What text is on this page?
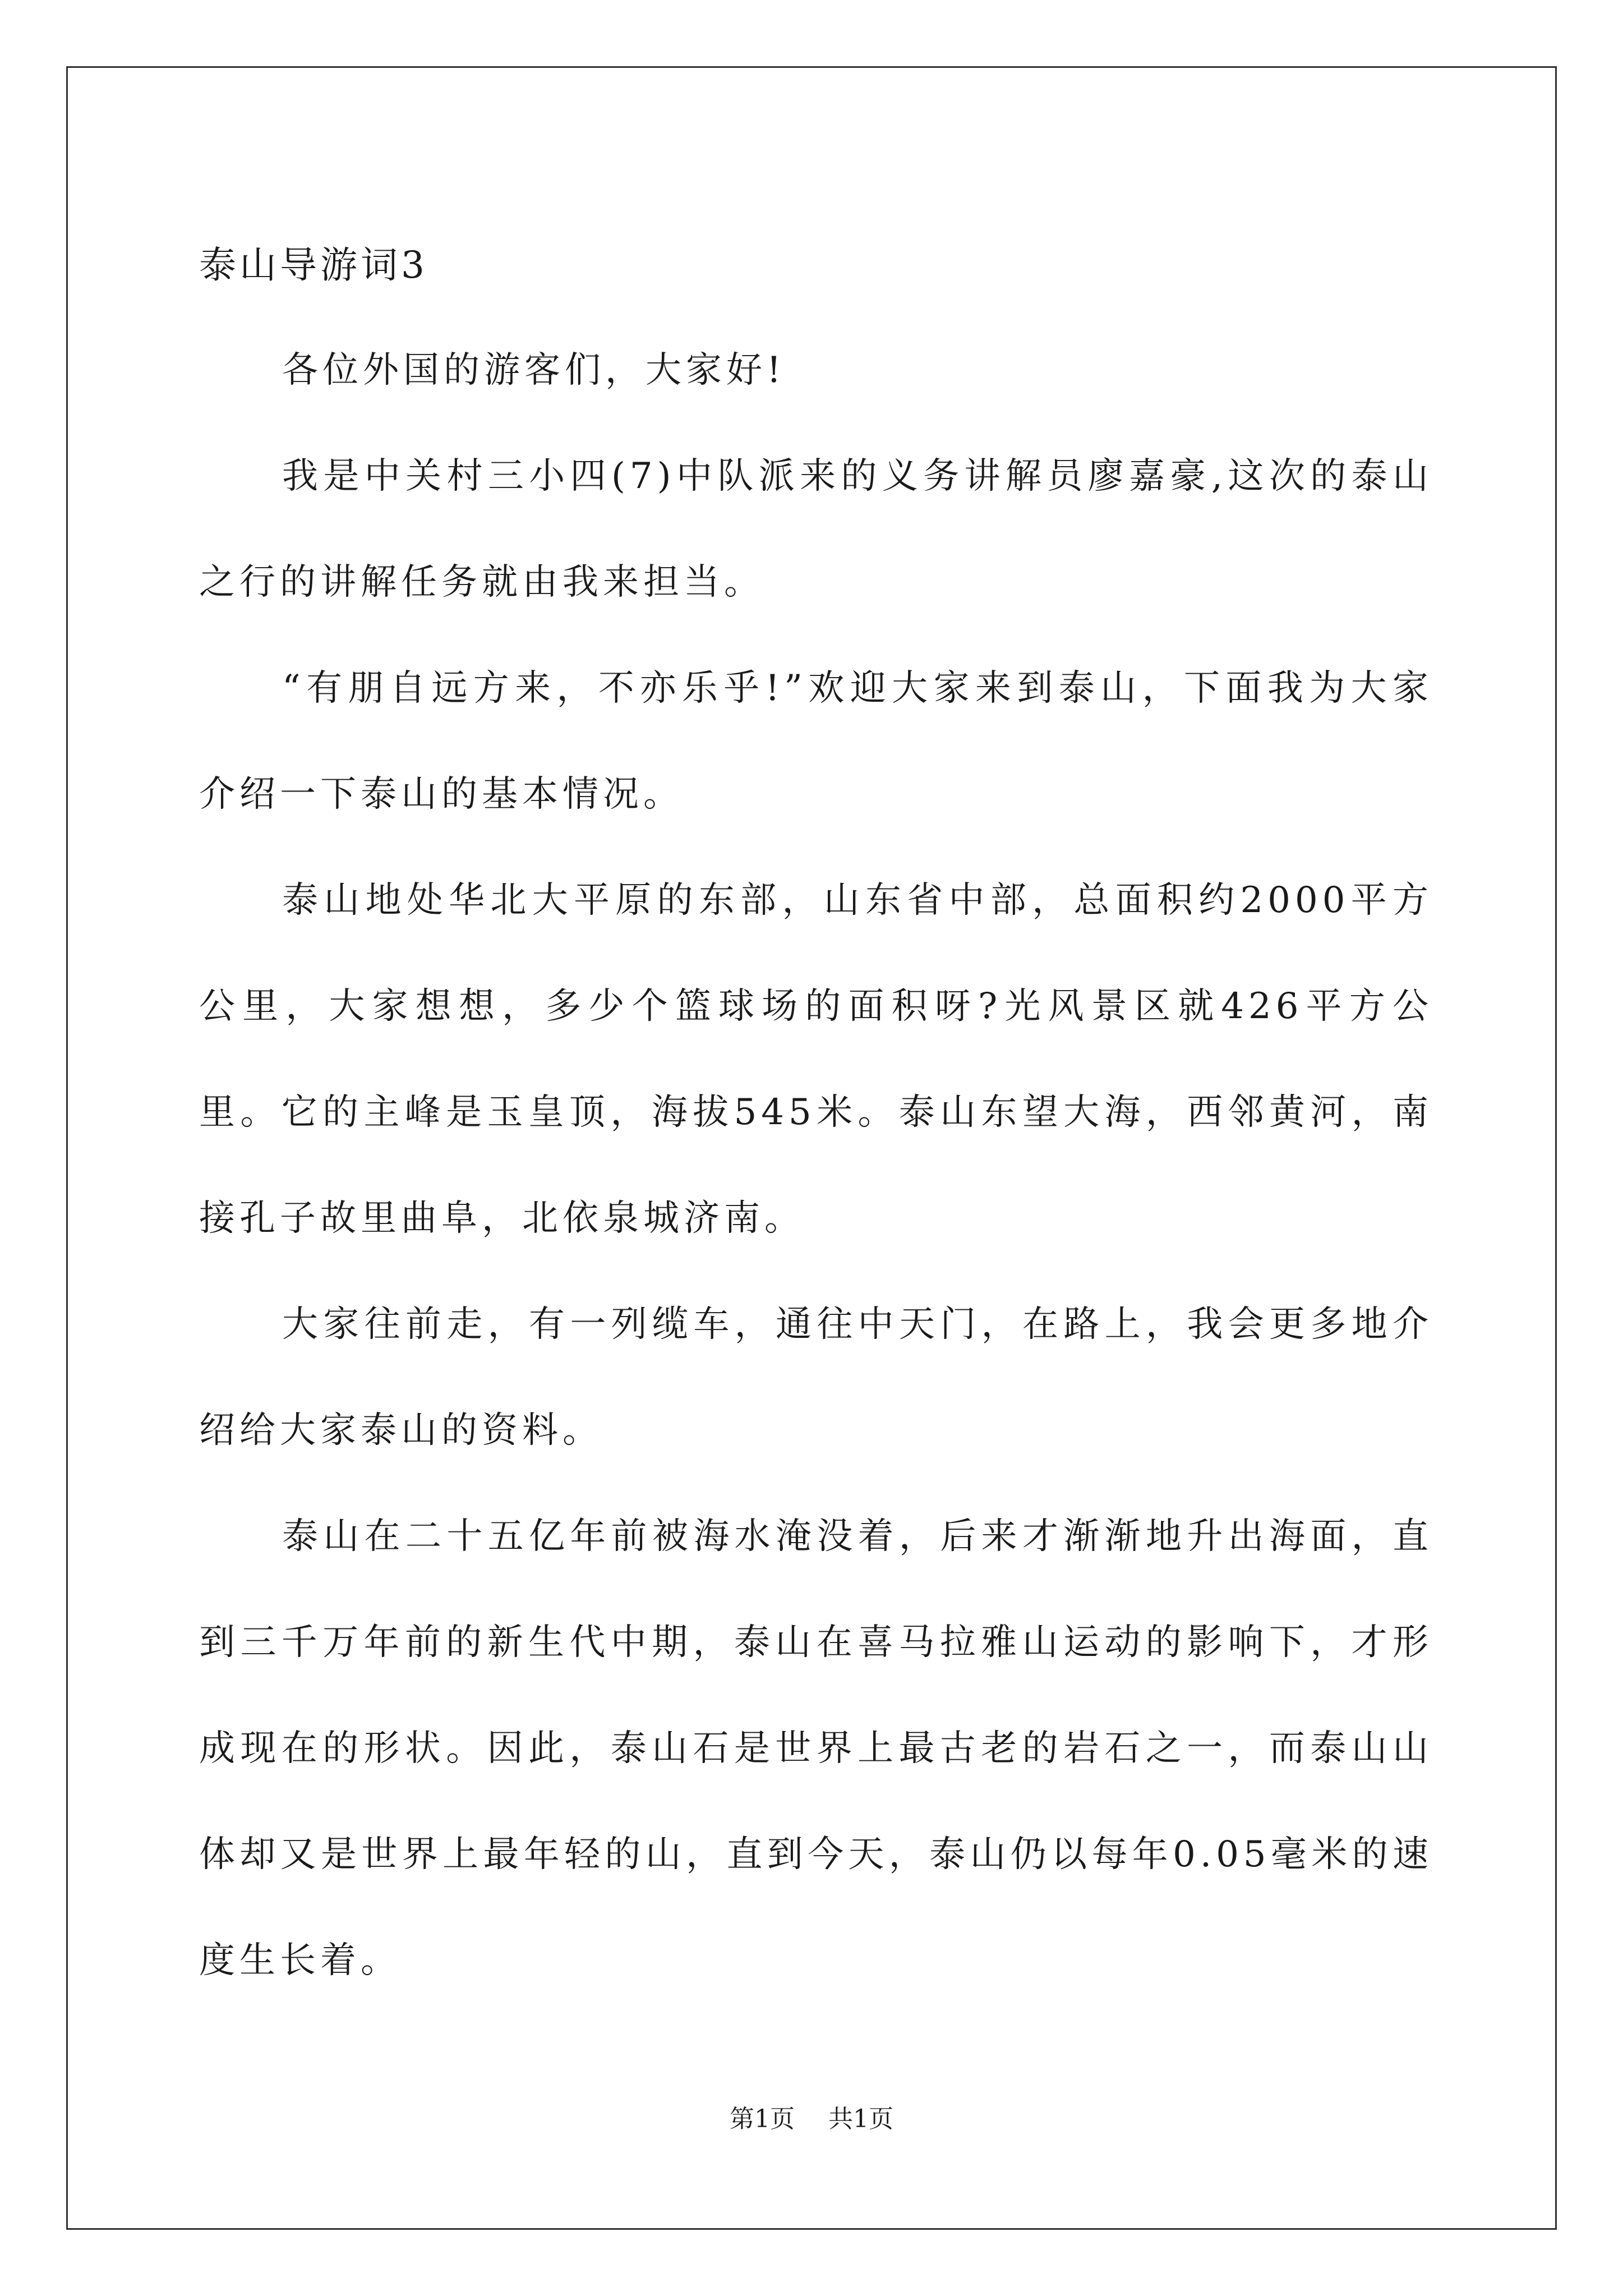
泰山导游词3

各位外国的游客们，大家好!

我是中关村三小四(7)中队派来的义务讲解员廖嘉豪,这次的泰山之行的讲解任务就由我来担当。

“有朋自远方来，不亦乐乎!”欢迎大家来到泰山，下面我为大家介绍一下泰山的基本情况。

泰山地处华北大平原的东部，山东省中部，总面积约2000平方公里，大家想想，多少个篮球场的面积呀?光风景区就426平方公里。它的主峰是玉皇顶，海拔545米。泰山东望大海，西邻黄河，南接孔子故里曲阜，北依泉城济南。

大家往前走，有一列缆车，通往中天门，在路上，我会更多地介绍给大家泰山的资料。

泰山在二十五亿年前被海水淹没着，后来才渐渐地升出海面，直到三千万年前的新生代中期，泰山在喜马拉雅山运动的影响下，才形成现在的形状。因此，泰山石是世界上最古老的岩石之一，而泰山山体却又是世界上最年轻的山，直到今天，泰山仍以每年0.05毫米的速度生长着。

第1页 共1页
